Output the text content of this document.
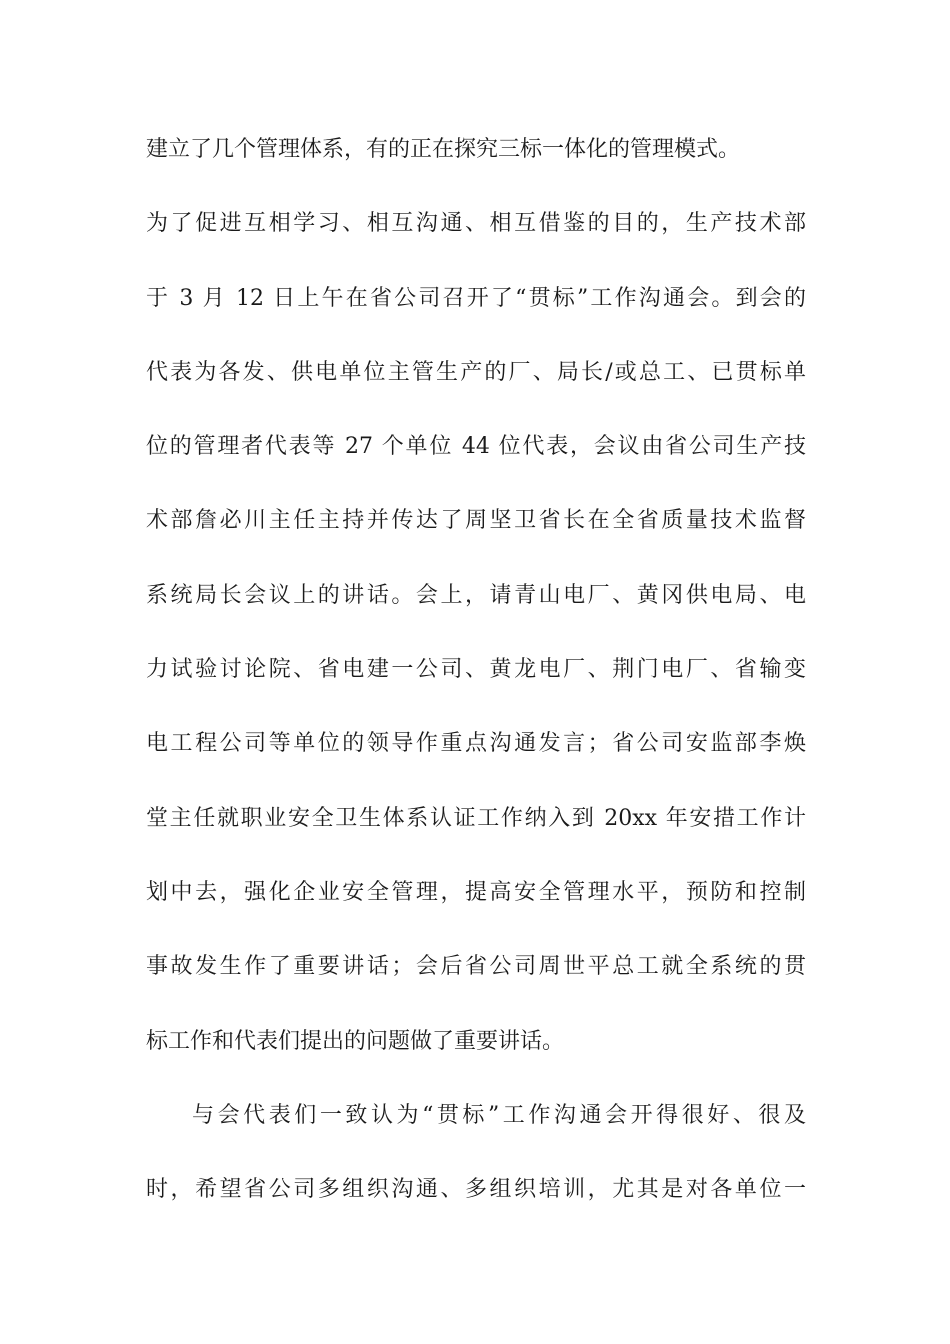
建立了几个管理体系，有的正在探究三标一体化的管理模式。
为了促进互相学习、相互沟通、相互借鉴的目的，生产技术部
于 3 月 12 日上午在省公司召开了“贯标”工作沟通会。到会的
代表为各发、供电单位主管生产的厂、局长/或总工、已贯标单
位的管理者代表等 27 个单位 44 位代表，会议由省公司生产技
术部詹必川主任主持并传达了周坚卫省长在全省质量技术监督
系统局长会议上的讲话。会上，请青山电厂、黄冈供电局、电
力试验讨论院、省电建一公司、黄龙电厂、荆门电厂、省输变
电工程公司等单位的领导作重点沟通发言；省公司安监部李焕
堂主任就职业安全卫生体系认证工作纳入到 20xx 年安措工作计
划中去，强化企业安全管理，提高安全管理水平，预防和控制
事故发生作了重要讲话；会后省公司周世平总工就全系统的贯
标工作和代表们提出的问题做了重要讲话。
与会代表们一致认为“贯标”工作沟通会开得很好、很及
时，希望省公司多组织沟通、多组织培训，尤其是对各单位一
